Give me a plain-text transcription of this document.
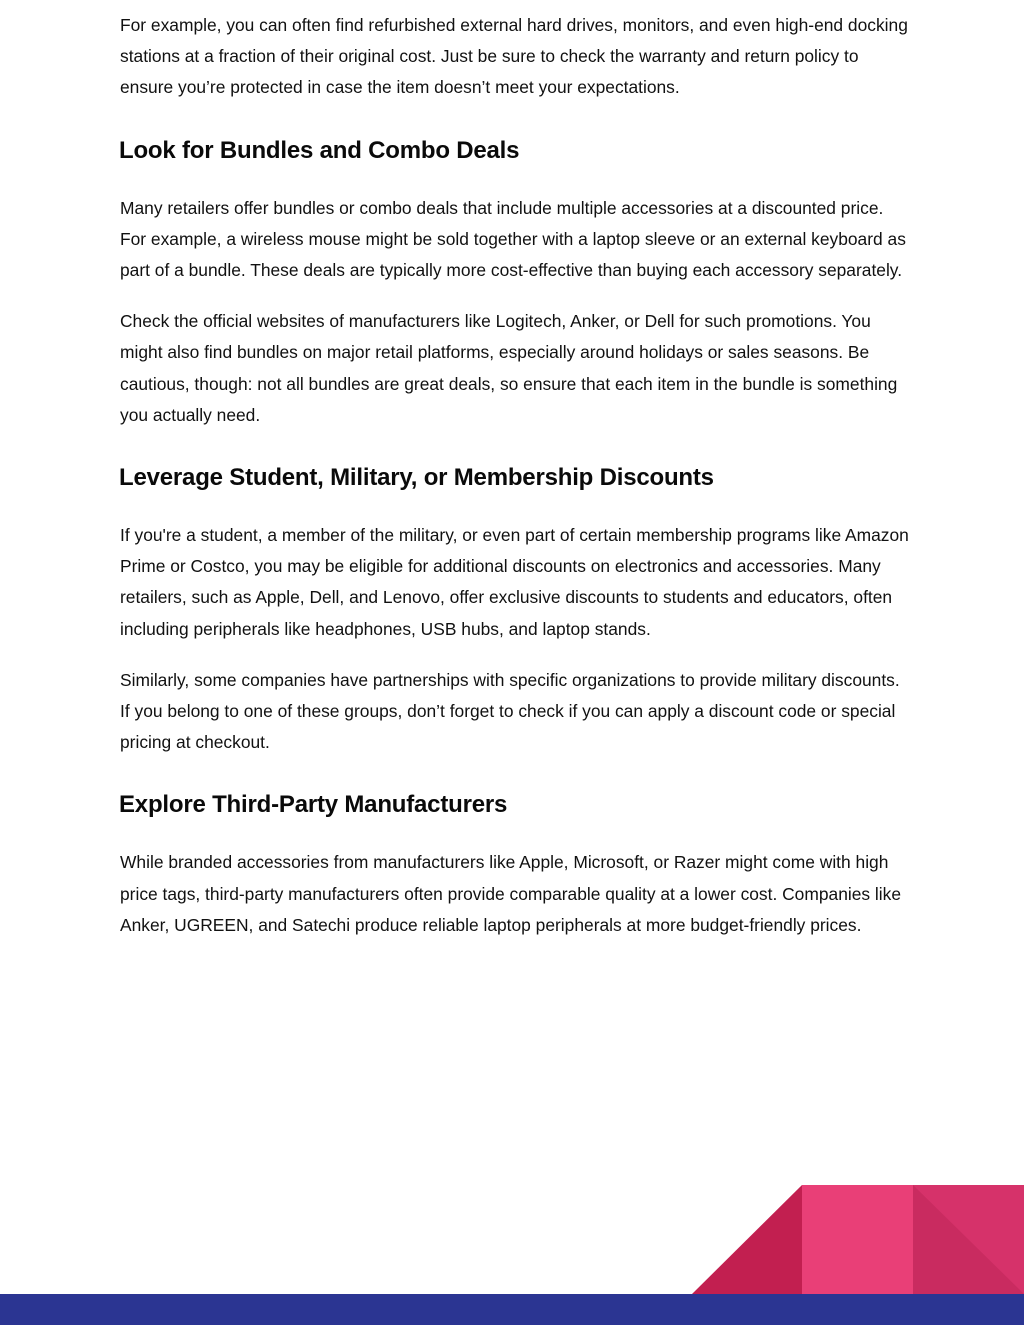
For example, you can often find refurbished external hard drives, monitors, and even high-end docking stations at a fraction of their original cost. Just be sure to check the warranty and return policy to ensure you’re protected in case the item doesn’t meet your expectations.

Look for Bundles and Combo Deals

Many retailers offer bundles or combo deals that include multiple accessories at a discounted price. For example, a wireless mouse might be sold together with a laptop sleeve or an external keyboard as part of a bundle. These deals are typically more cost-effective than buying each accessory separately.

Check the official websites of manufacturers like Logitech, Anker, or Dell for such promotions. You might also find bundles on major retail platforms, especially around holidays or sales seasons. Be cautious, though: not all bundles are great deals, so ensure that each item in the bundle is something you actually need.

Leverage Student, Military, or Membership Discounts

If you're a student, a member of the military, or even part of certain membership programs like Amazon Prime or Costco, you may be eligible for additional discounts on electronics and accessories. Many retailers, such as Apple, Dell, and Lenovo, offer exclusive discounts to students and educators, often including peripherals like headphones, USB hubs, and laptop stands.

Similarly, some companies have partnerships with specific organizations to provide military discounts. If you belong to one of these groups, don’t forget to check if you can apply a discount code or special pricing at checkout.

Explore Third-Party Manufacturers

While branded accessories from manufacturers like Apple, Microsoft, or Razer might come with high price tags, third-party manufacturers often provide comparable quality at a lower cost. Companies like Anker, UGREEN, and Satechi produce reliable laptop peripherals at more budget-friendly prices.
